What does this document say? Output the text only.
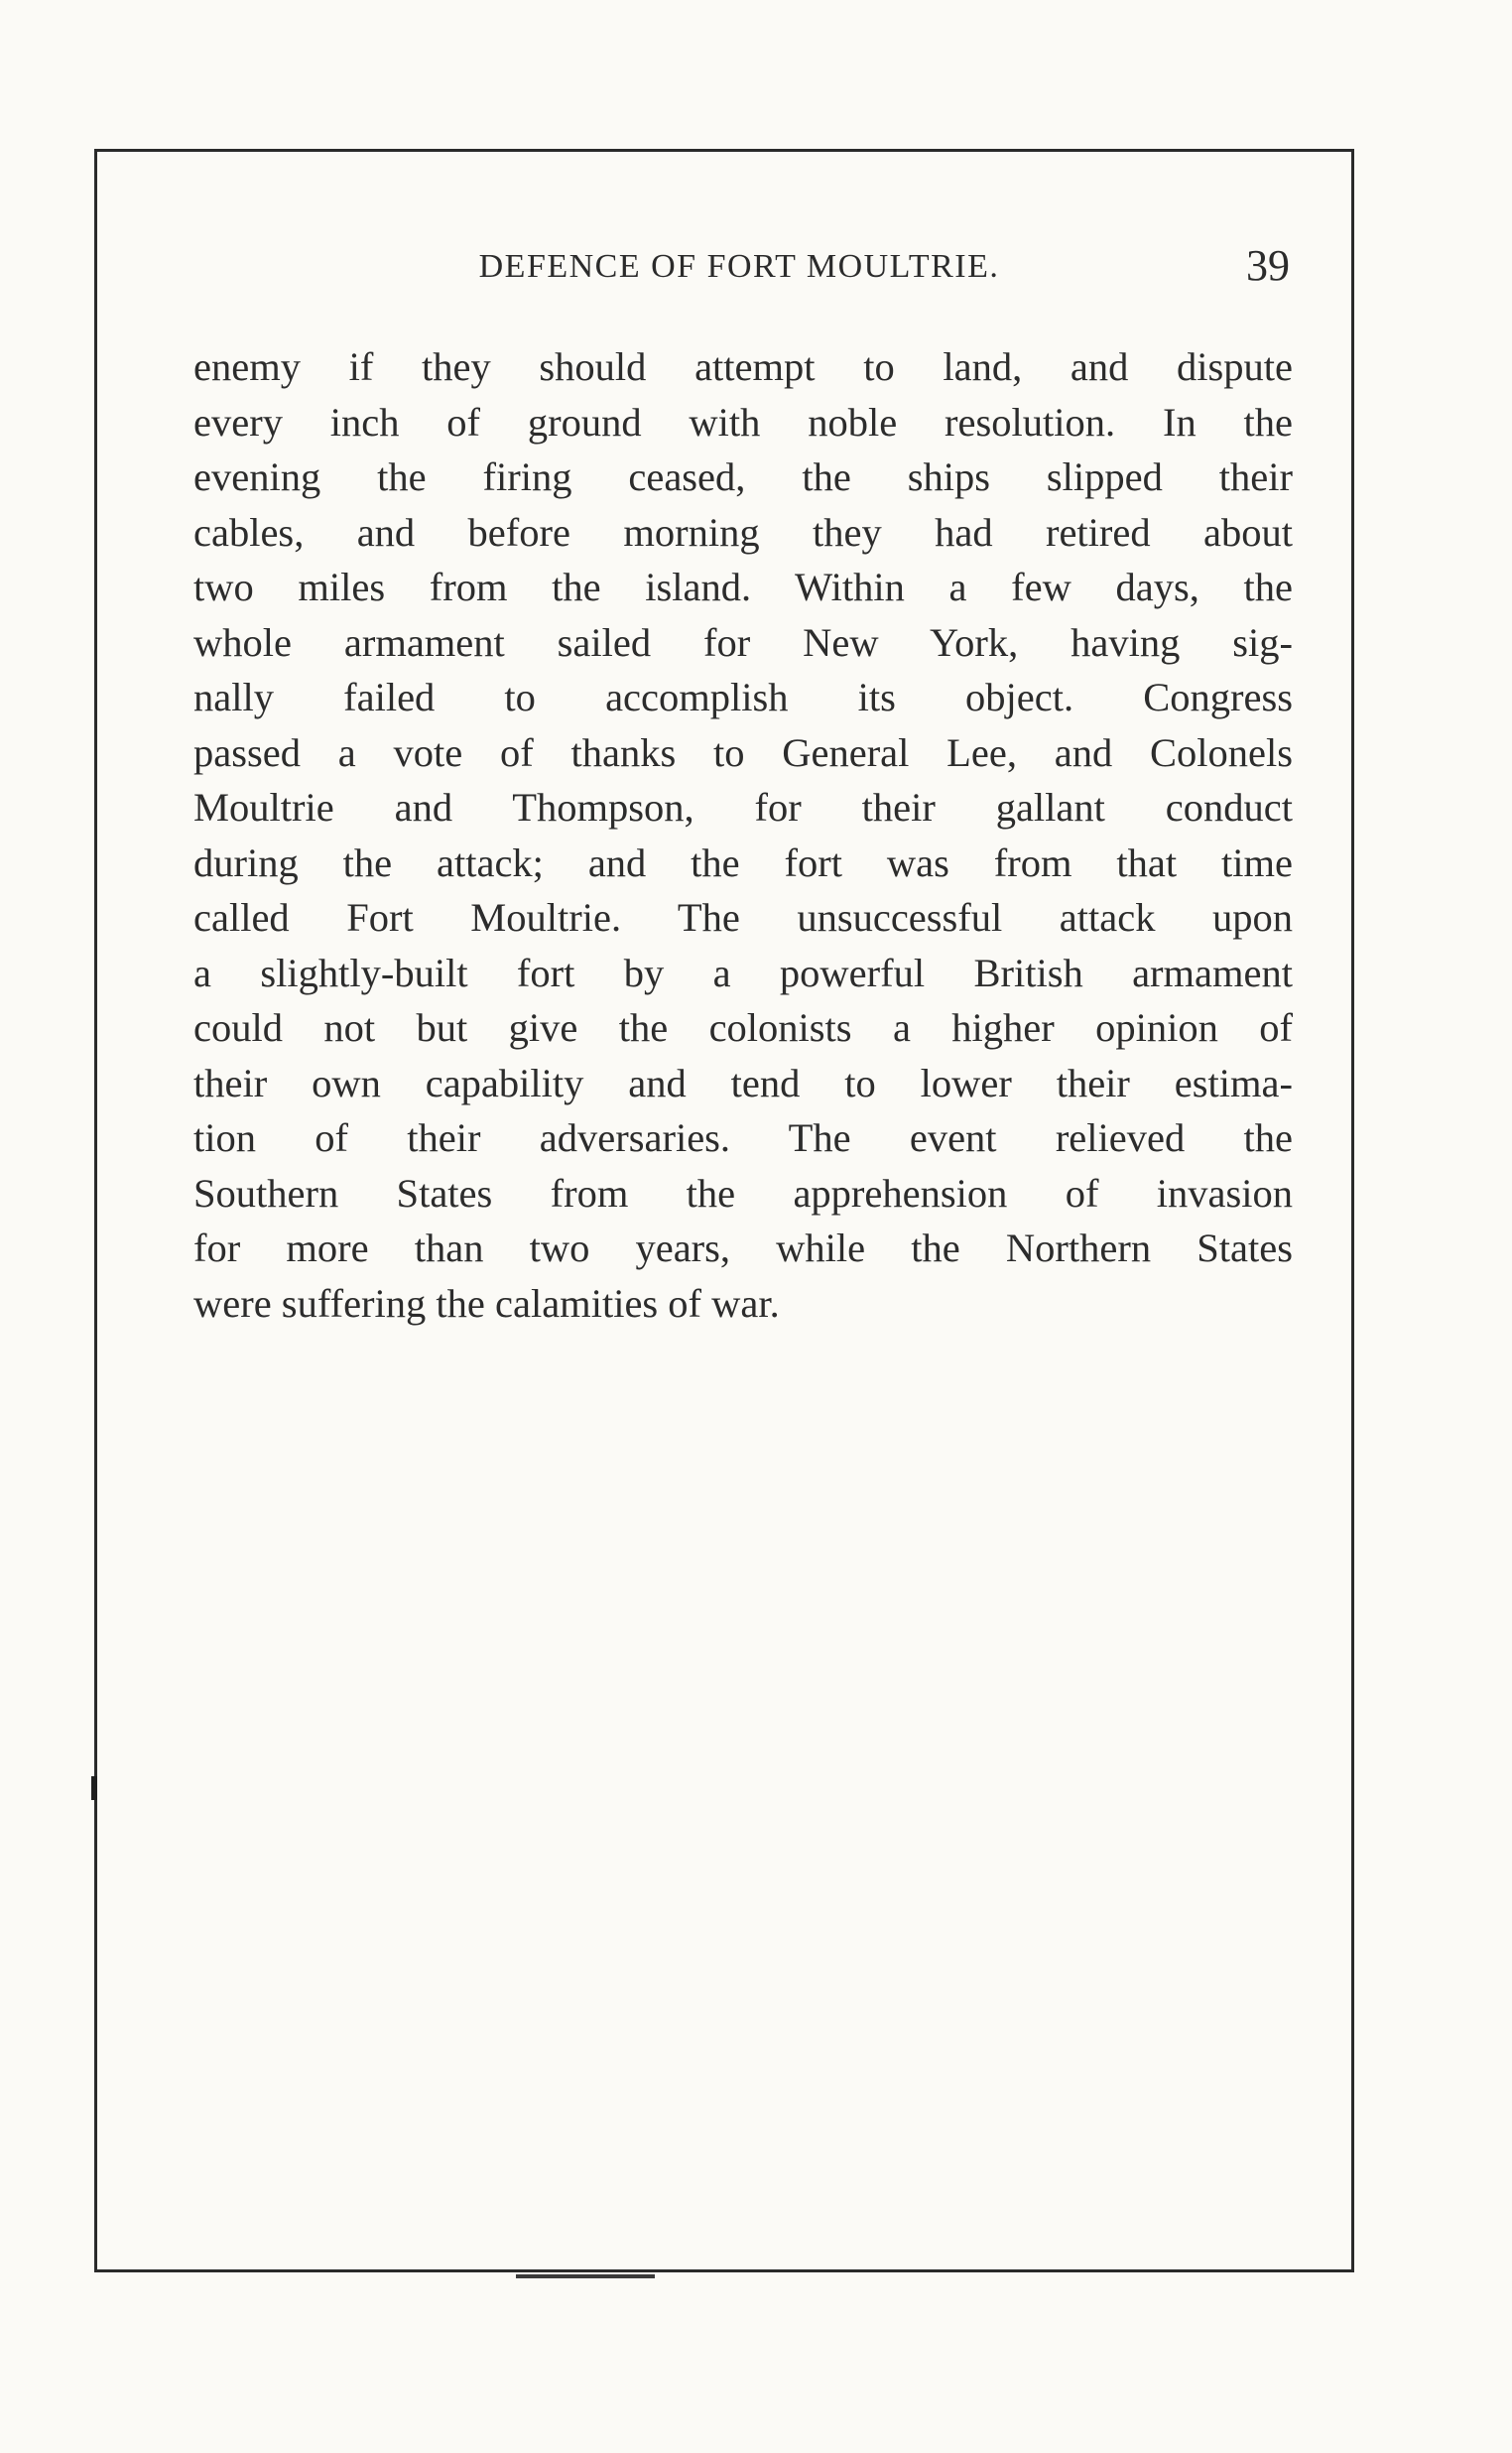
DEFENCE OF FORT MOULTRIE.	39
enemy if they should attempt to land, and dispute
every inch of ground with noble resolution. In the
evening the firing ceased, the ships slipped their
cables, and before morning they had retired about
two miles from the island. Within a few days, the
whole armament sailed for New York, having sig-
nally failed to accomplish its object. Congress
passed a vote of thanks to General Lee, and Colonels
Moultrie and Thompson, for their gallant conduct
during the attack; and the fort was from that time
called Fort Moultrie. The unsuccessful attack upon
a slightly-built fort by a powerful British armament
could not but give the colonists a higher opinion of
their own capability and tend to lower their estima-
tion of their adversaries. The event relieved the
Southern States from the apprehension of invasion
for more than two years, while the Northern States
were suffering the calamities of war.
